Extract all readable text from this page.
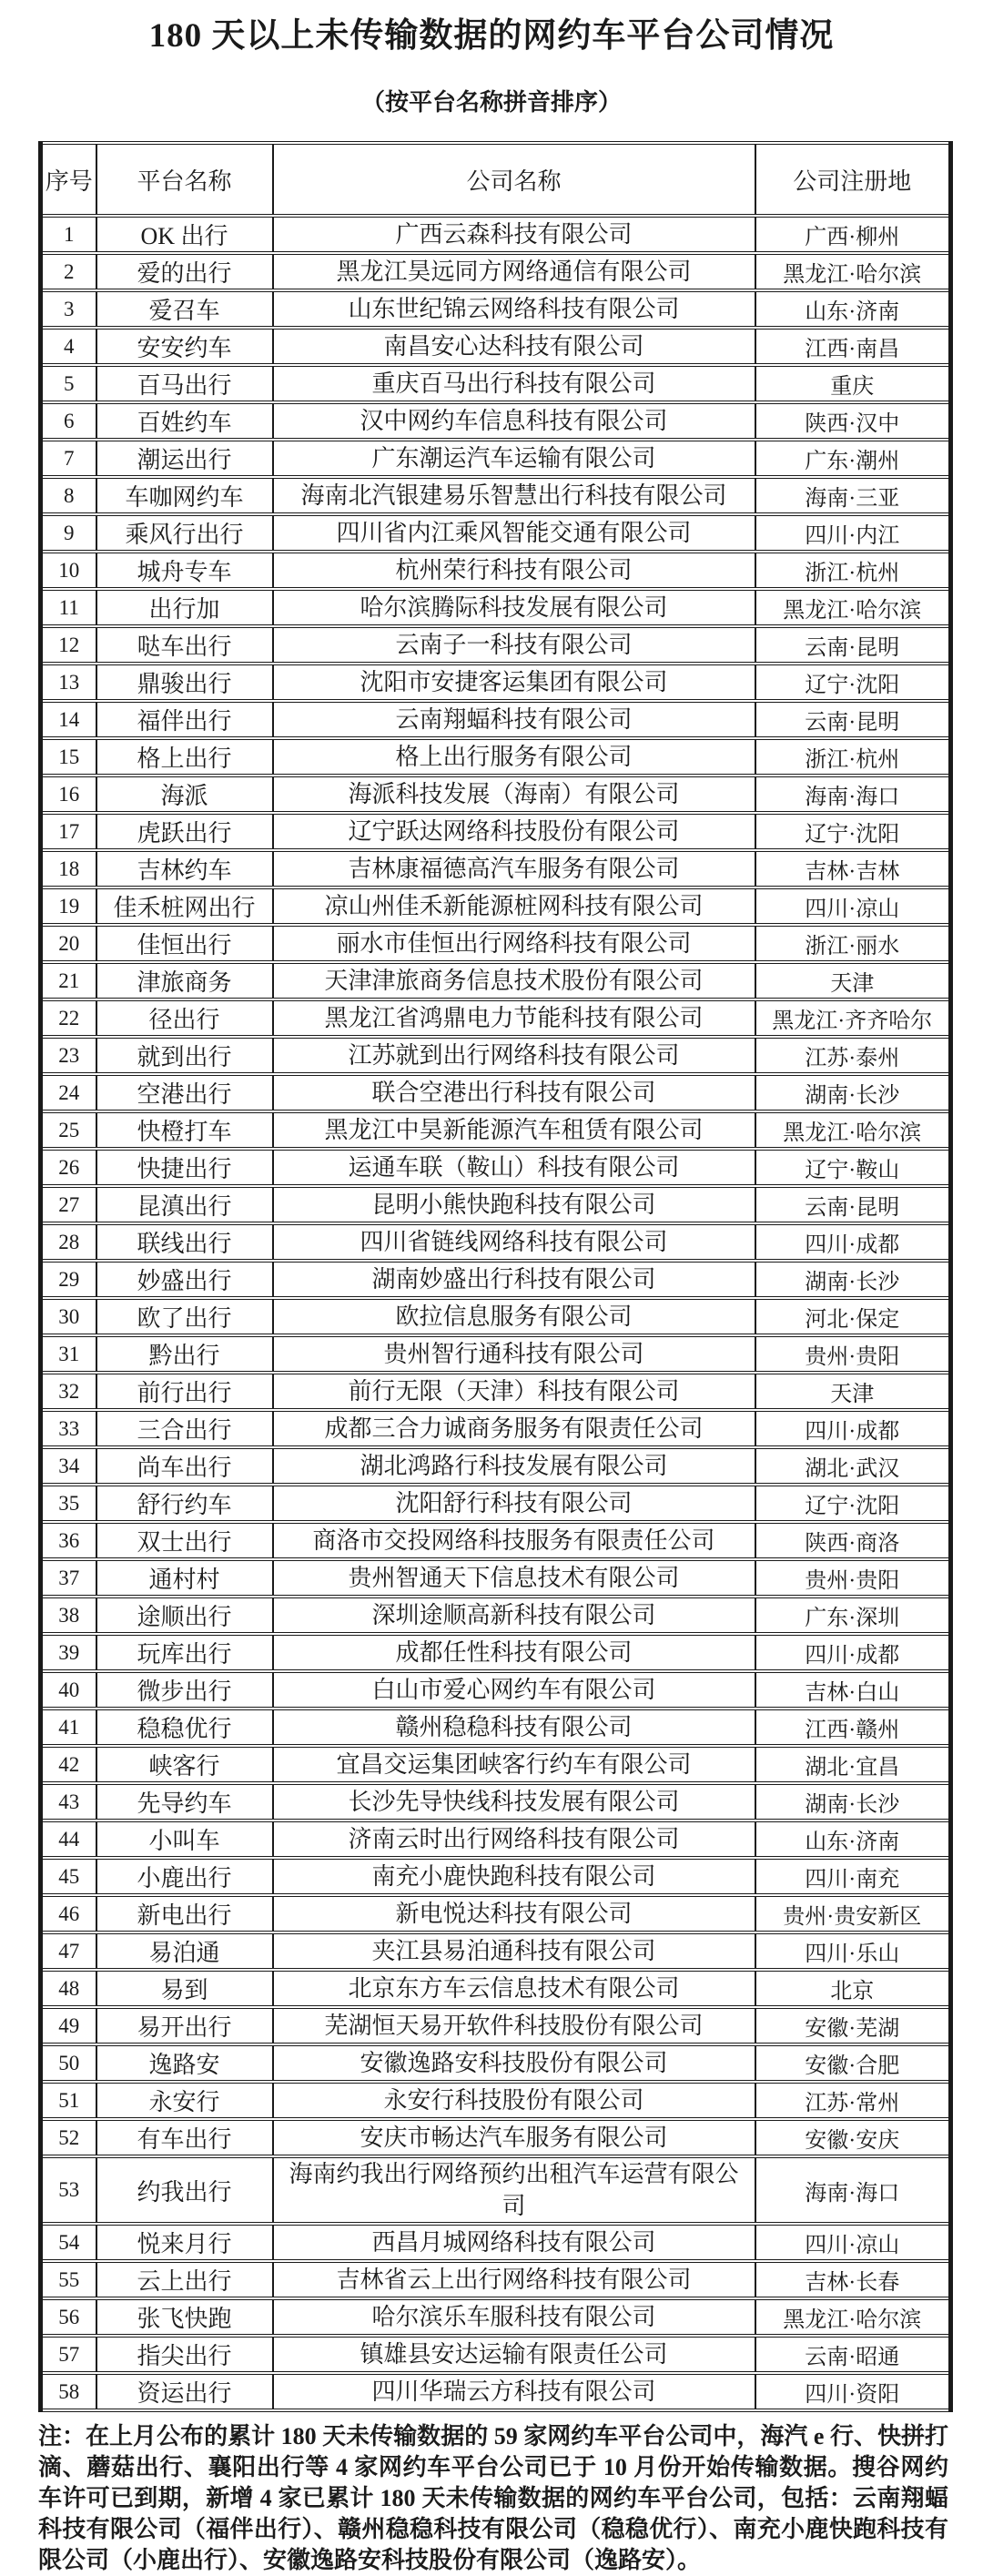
180 天以上未传输数据的网约车平台公司情况

（按平台名称拼音排序）

序号	平台名称	公司名称	公司注册地
1	OK 出行	广西云森科技有限公司	广西·柳州
2	爱的出行	黑龙江昊远同方网络通信有限公司	黑龙江·哈尔滨
3	爱召车	山东世纪锦云网络科技有限公司	山东·济南
4	安安约车	南昌安心达科技有限公司	江西·南昌
5	百马出行	重庆百马出行科技有限公司	重庆
6	百姓约车	汉中网约车信息科技有限公司	陕西·汉中
7	潮运出行	广东潮运汽车运输有限公司	广东·潮州
8	车咖网约车	海南北汽银建易乐智慧出行科技有限公司	海南·三亚
9	乘风行出行	四川省内江乘风智能交通有限公司	四川·内江
10	城舟专车	杭州荣行科技有限公司	浙江·杭州
11	出行加	哈尔滨腾际科技发展有限公司	黑龙江·哈尔滨
12	哒车出行	云南子一科技有限公司	云南·昆明
13	鼎骏出行	沈阳市安捷客运集团有限公司	辽宁·沈阳
14	福伴出行	云南翔蝠科技有限公司	云南·昆明
15	格上出行	格上出行服务有限公司	浙江·杭州
16	海派	海派科技发展（海南）有限公司	海南·海口
17	虎跃出行	辽宁跃达网络科技股份有限公司	辽宁·沈阳
18	吉林约车	吉林康福德高汽车服务有限公司	吉林·吉林
19	佳禾桩网出行	凉山州佳禾新能源桩网科技有限公司	四川·凉山
20	佳恒出行	丽水市佳恒出行网络科技有限公司	浙江·丽水
21	津旅商务	天津津旅商务信息技术股份有限公司	天津
22	径出行	黑龙江省鸿鼎电力节能科技有限公司	黑龙江·齐齐哈尔
23	就到出行	江苏就到出行网络科技有限公司	江苏·泰州
24	空港出行	联合空港出行科技有限公司	湖南·长沙
25	快橙打车	黑龙江中昊新能源汽车租赁有限公司	黑龙江·哈尔滨
26	快捷出行	运通车联（鞍山）科技有限公司	辽宁·鞍山
27	昆滇出行	昆明小熊快跑科技有限公司	云南·昆明
28	联线出行	四川省链线网络科技有限公司	四川·成都
29	妙盛出行	湖南妙盛出行科技有限公司	湖南·长沙
30	欧了出行	欧拉信息服务有限公司	河北·保定
31	黔出行	贵州智行通科技有限公司	贵州·贵阳
32	前行出行	前行无限（天津）科技有限公司	天津
33	三合出行	成都三合力诚商务服务有限责任公司	四川·成都
34	尚车出行	湖北鸿路行科技发展有限公司	湖北·武汉
35	舒行约车	沈阳舒行科技有限公司	辽宁·沈阳
36	双士出行	商洛市交投网络科技服务有限责任公司	陕西·商洛
37	通村村	贵州智通天下信息技术有限公司	贵州·贵阳
38	途顺出行	深圳途顺高新科技有限公司	广东·深圳
39	玩库出行	成都任性科技有限公司	四川·成都
40	微步出行	白山市爱心网约车有限公司	吉林·白山
41	稳稳优行	赣州稳稳科技有限公司	江西·赣州
42	峡客行	宜昌交运集团峡客行约车有限公司	湖北·宜昌
43	先导约车	长沙先导快线科技发展有限公司	湖南·长沙
44	小叫车	济南云时出行网络科技有限公司	山东·济南
45	小鹿出行	南充小鹿快跑科技有限公司	四川·南充
46	新电出行	新电悦达科技有限公司	贵州·贵安新区
47	易泊通	夹江县易泊通科技有限公司	四川·乐山
48	易到	北京东方车云信息技术有限公司	北京
49	易开出行	芜湖恒天易开软件科技股份有限公司	安徽·芜湖
50	逸路安	安徽逸路安科技股份有限公司	安徽·合肥
51	永安行	永安行科技股份有限公司	江苏·常州
52	有车出行	安庆市畅达汽车服务有限公司	安徽·安庆
53	约我出行	海南约我出行网络预约出租汽车运营有限公司	海南·海口
54	悦来月行	西昌月城网络科技有限公司	四川·凉山
55	云上出行	吉林省云上出行网络科技有限公司	吉林·长春
56	张飞快跑	哈尔滨乐车服科技有限公司	黑龙江·哈尔滨
57	指尖出行	镇雄县安达运输有限责任公司	云南·昭通
58	资运出行	四川华瑞云方科技有限公司	四川·资阳

注：在上月公布的累计 180 天未传输数据的 59 家网约车平台公司中，海汽 e 行、快拼打滴、蘑菇出行、襄阳出行等 4 家网约车平台公司已于 10 月份开始传输数据。搜谷网约车许可已到期，新增 4 家已累计 180 天未传输数据的网约车平台公司，包括：云南翔蝠科技有限公司（福伴出行）、赣州稳稳科技有限公司（稳稳优行）、南充小鹿快跑科技有限公司（小鹿出行）、安徽逸路安科技股份有限公司（逸路安）。
